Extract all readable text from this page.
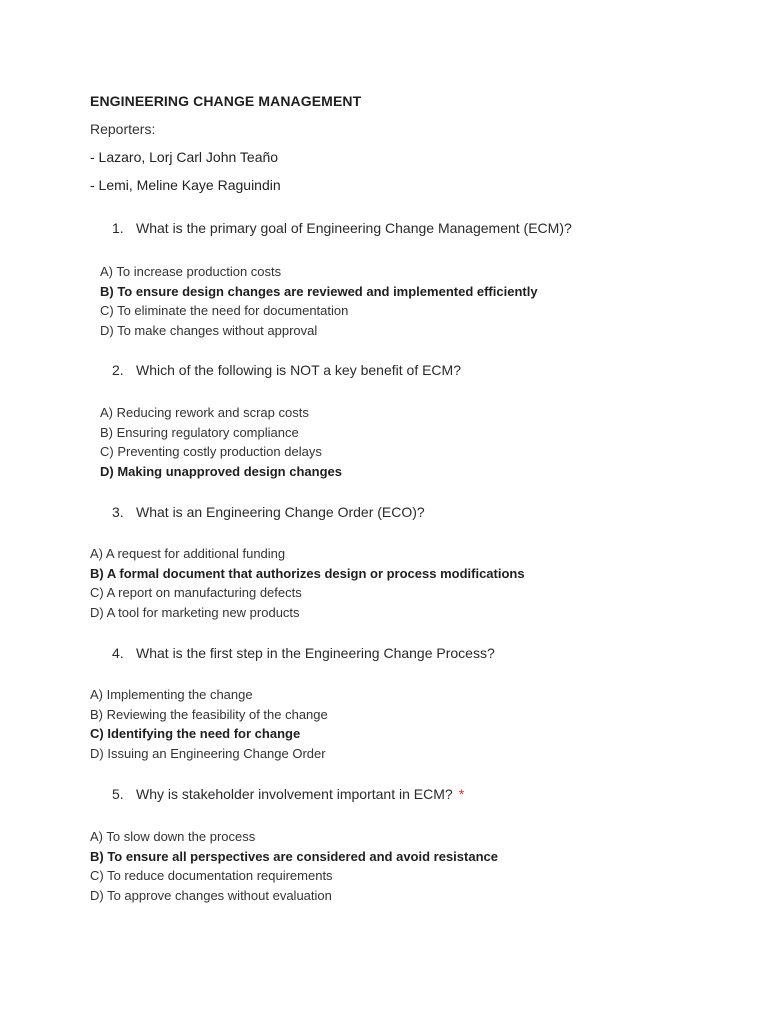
ENGINEERING CHANGE MANAGEMENT
Reporters:
- Lazaro, Lorj Carl John Teaño
- Lemi, Meline Kaye Raguindin
1. What is the primary goal of Engineering Change Management (ECM)?
A) To increase production costs
B) To ensure design changes are reviewed and implemented efficiently
C) To eliminate the need for documentation
D) To make changes without approval
2. Which of the following is NOT a key benefit of ECM?
A) Reducing rework and scrap costs
B) Ensuring regulatory compliance
C) Preventing costly production delays
D) Making unapproved design changes
3. What is an Engineering Change Order (ECO)?
A) A request for additional funding
B) A formal document that authorizes design or process modifications
C) A report on manufacturing defects
D) A tool for marketing new products
4. What is the first step in the Engineering Change Process?
A) Implementing the change
B) Reviewing the feasibility of the change
C) Identifying the need for change
D) Issuing an Engineering Change Order
5. Why is stakeholder involvement important in ECM? *
A) To slow down the process
B) To ensure all perspectives are considered and avoid resistance
C) To reduce documentation requirements
D) To approve changes without evaluation
